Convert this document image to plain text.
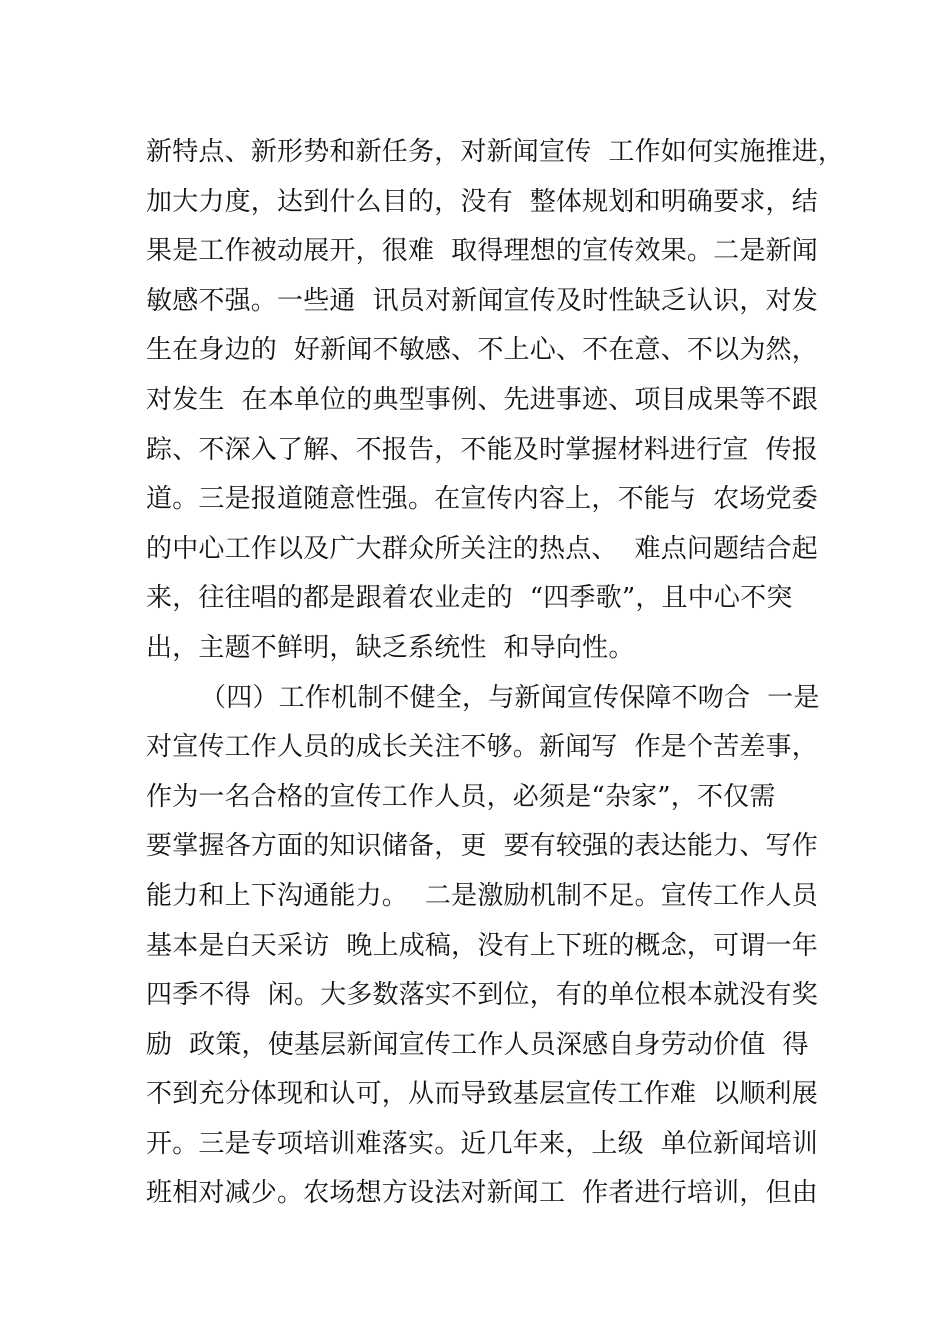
新特点、新形势和新任务，对新闻宣传  工作如何实施推进，
加大力度，达到什么目的，没有  整体规划和明确要求，结
果是工作被动展开，很难  取得理想的宣传效果。二是新闻
敏感不强。一些通  讯员对新闻宣传及时性缺乏认识，对发
生在身边的  好新闻不敏感、不上心、不在意、不以为然，
对发生  在本单位的典型事例、先进事迹、项目成果等不跟
踪、不深入了解、不报告，不能及时掌握材料进行宣  传报
道。三是报道随意性强。在宣传内容上，不能与  农场党委
的中心工作以及广大群众所关注的热点、  难点问题结合起
来，往往唱的都是跟着农业走的  “四季歌”，且中心不突
出，主题不鲜明，缺乏系统性  和导向性。
（四）工作机制不健全，与新闻宣传保障不吻合  一是
对宣传工作人员的成长关注不够。新闻写  作是个苦差事，
作为一名合格的宣传工作人员，必须是“杂家”，不仅需
要掌握各方面的知识储备，更  要有较强的表达能力、写作
能力和上下沟通能力。  二是激励机制不足。宣传工作人员
基本是白天采访  晚上成稿，没有上下班的概念，可谓一年
四季不得  闲。大多数落实不到位，有的单位根本就没有奖
励  政策，使基层新闻宣传工作人员深感自身劳动价值  得
不到充分体现和认可，从而导致基层宣传工作难  以顺利展
开。三是专项培训难落实。近几年来，上级  单位新闻培训
班相对减少。农场想方设法对新闻工  作者进行培训，但由
